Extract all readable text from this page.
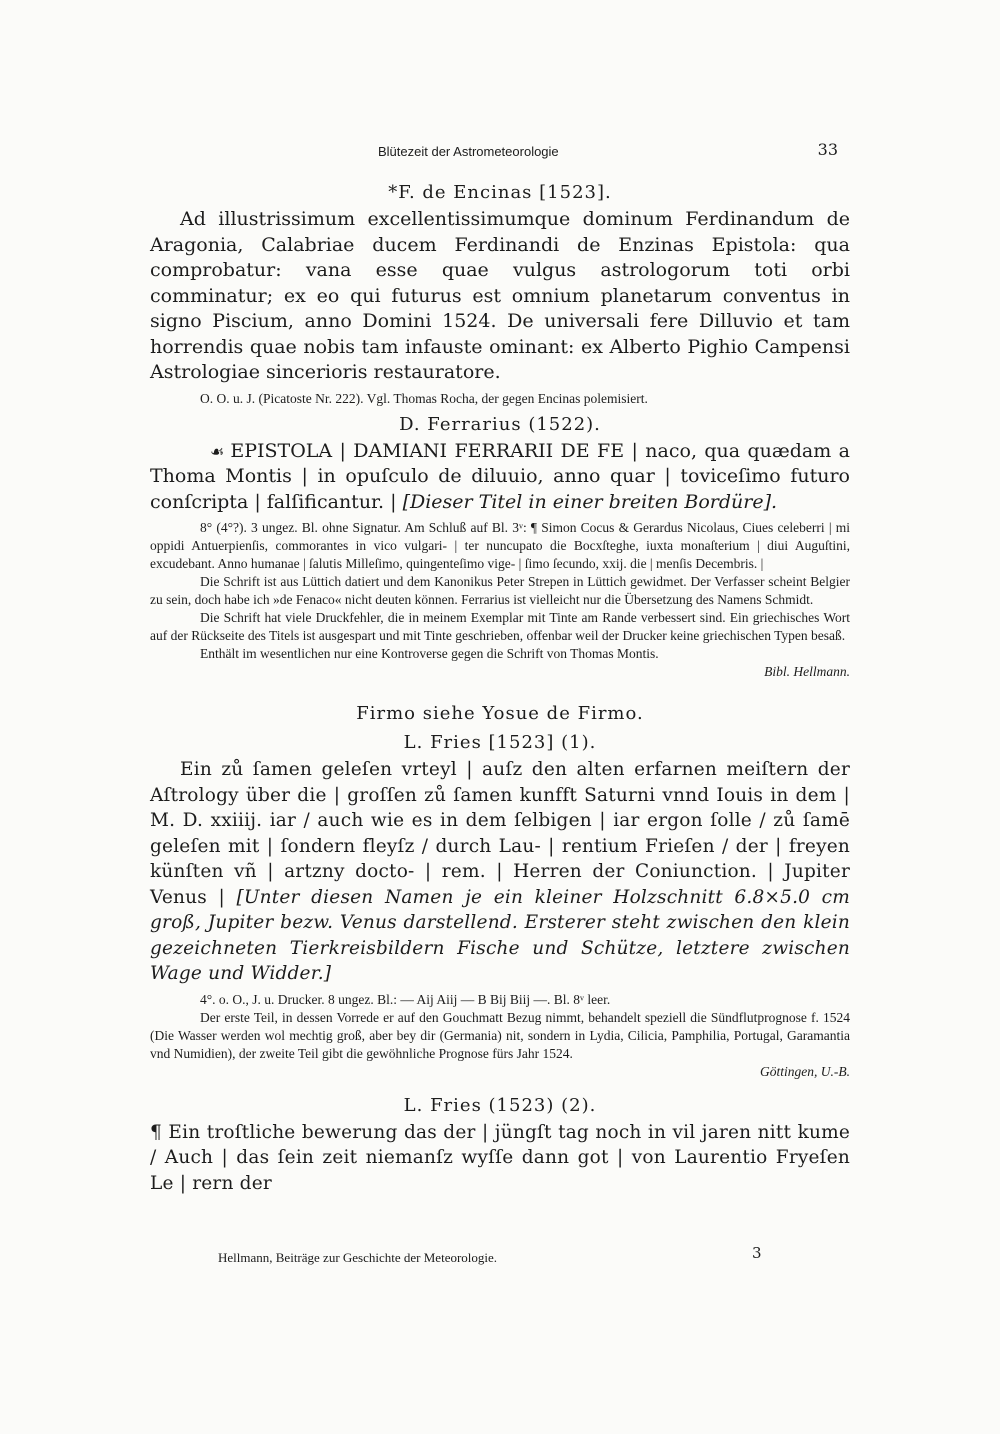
Blütezeit der Astrometeorologie	33
*F. de Encinas [1523].

Ad illustrissimum excellentissimumque dominum Ferdinandum de Aragonia, Calabriae ducem Ferdinandi de Enzinas Epistola: qua comprobatur: vana esse quae vulgus astrologorum toti orbi comminatur; ex eo qui futurus est omnium planetarum conventus in signo Piscium, anno Domini 1524. De universali fere Dilluvio et tam horrendis quae nobis tam infauste ominant: ex Alberto Pighio Campensi Astrologiae sincerioris restauratore.

O. O. u. J. (Picatoste Nr. 222). Vgl. Thomas Rocha, der gegen Encinas polemisiert.

D. Ferrarius (1522).

☙ EPISTOLA | DAMIANI FERRARII DE FE | naco, qua quædam a Thoma Montis | in opuſculo de diluuio, anno quar | toviceſimo futuro conſcripta | falſificantur. | [Dieser Titel in einer breiten Bordüre].

8° (4°?). 3 ungez. Bl. ohne Signatur. Am Schluß auf Bl. 3ᵛ: ¶ Simon Cocus & Gerardus Nicolaus, Ciues celeberri | mi oppidi Antuerpienſis, commorantes in vico vulgari- | ter nuncupato die Bocxſteghe, iuxta monaſterium | diui Auguſtini, excudebant. Anno humanae | ſalutis Milleſimo, quingenteſimo vige- | ſimo ſecundo, xxij. die | menſis Decembris. |

Die Schrift ist aus Lüttich datiert und dem Kanonikus Peter Strepen in Lüttich gewidmet. Der Verfasser scheint Belgier zu sein, doch habe ich »de Fenaco« nicht deuten können. Ferrarius ist vielleicht nur die Übersetzung des Namens Schmidt.

Die Schrift hat viele Druckfehler, die in meinem Exemplar mit Tinte am Rande verbessert sind. Ein griechisches Wort auf der Rückseite des Titels ist ausgespart und mit Tinte geschrieben, offenbar weil der Drucker keine griechischen Typen besaß.

Enthält im wesentlichen nur eine Kontroverse gegen die Schrift von Thomas Montis.

Bibl. Hellmann.

Firmo siehe Yosue de Firmo.
L. Fries [1523] (1).

Ein zů ſamen geleſen vrteyl | auſz den alten erfarnen meiſtern der Aſtrology über die | groſſen zů ſamen kunfft Saturni vnnd Iouis in dem | M. D. xxiiij. iar / auch wie es in dem ſelbigen | iar ergon ſolle / zů ſamē geleſen mit | ſondern fleyſz / durch Lau- | rentium Frieſen / der | freyen künſten vñ | artzny docto- | rem. | Herren der Coniunction. | Jupiter Venus | [Unter diesen Namen je ein kleiner Holzschnitt 6.8×5.0 cm groß, Jupiter bezw. Venus darstellend. Ersterer steht zwischen den klein gezeichneten Tierkreisbildern Fische und Schütze, letztere zwischen Wage und Widder.]

4°. o. O., J. u. Drucker. 8 ungez. Bl.: — Aij Aiij — B Bij Biij —. Bl. 8ᵛ leer.

Der erste Teil, in dessen Vorrede er auf den Gouchmatt Bezug nimmt, behandelt speziell die Sündflutprognose f. 1524 (Die Wasser werden wol mechtig groß, aber bey dir (Germania) nit, sondern in Lydia, Cilicia, Pamphilia, Portugal, Garamantia vnd Numidien), der zweite Teil gibt die gewöhnliche Prognose fürs Jahr 1524.

Göttingen, U.-B.

L. Fries (1523) (2).

¶ Ein troſtliche bewerung das der | jüngſt tag noch in vil jaren nitt kume / Auch | das ſein zeit niemanſz wyſſe dann got | von Laurentio Fryeſen Le | rern der

Hellmann, Beiträge zur Geschichte der Meteorologie.	3
